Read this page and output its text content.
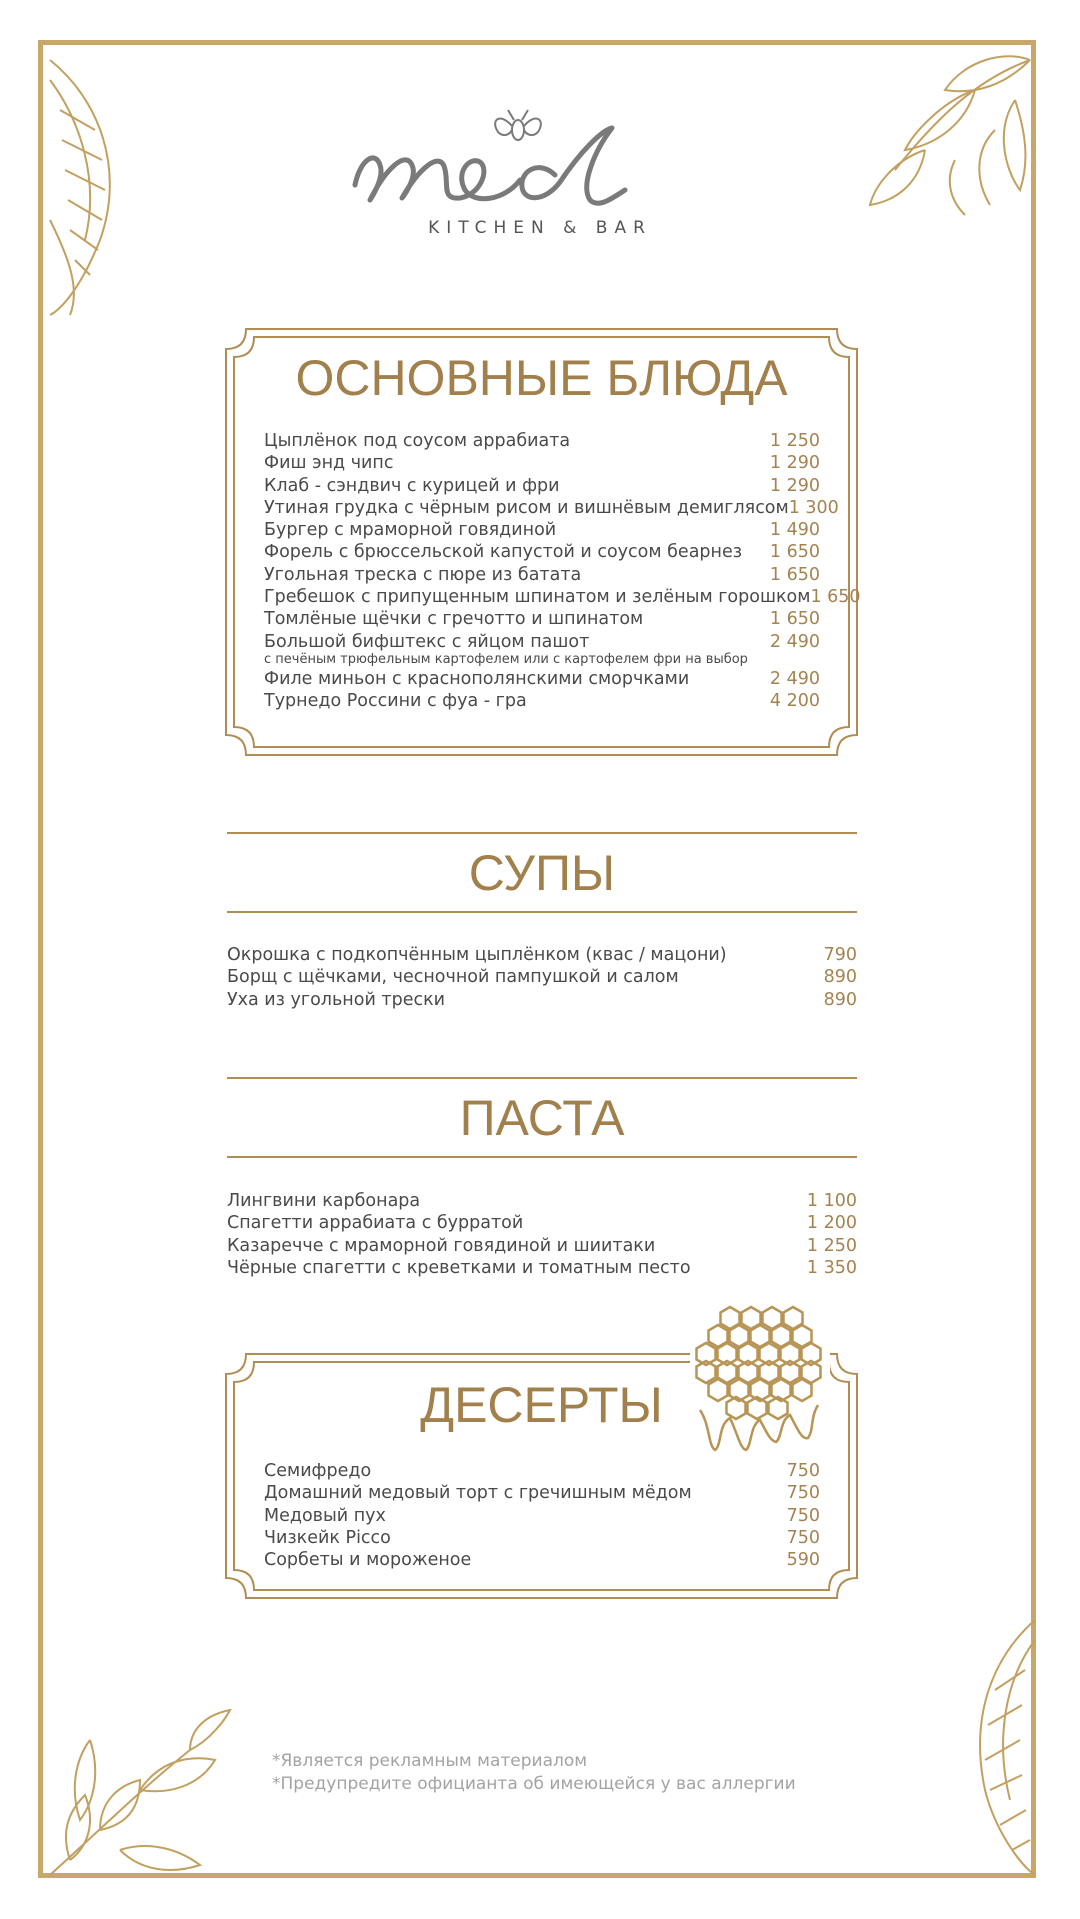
KITCHEN & BAR
ОСНОВНЫЕ БЛЮДА
Цыплёнок под соусом аррабиата	1 250
Фиш энд чипс	1 290
Клаб - сэндвич с курицей и фри	1 290
Утиная грудка с чёрным рисом и вишнёвым демиглясом 1 300
Бургер с мраморной говядиной	1 490
Форель с брюссельской капустой и соусом беарнез 1 650
Угольная треска с пюре из батата	1 650
Гребешок с припущенным шпинатом и зелёным горошком 1 650
Томлёные щёчки с гречотто и шпинатом	1 650
Большой бифштекс с яйцом пашот	2 490
с печёным трюфельным картофелем или с картофелем фри на выбор
Филе миньон с краснополянскими сморчками	2 490
Турнедо Россини с фуа - гра	4 200
СУПЫ
Окрошка с подкопчённым цыплёнком (квас / мацони)	790
Борщ с щёчками, чесночной пампушкой и салом	890
Уха из угольной трески	890
ПАСТА
Лингвини карбонара	1 100
Спагетти аррабиата с бурратой	1 200
Казаречче с мраморной говядиной и шиитаки	1 250
Чёрные спагетти с креветками и томатным песто	1 350
ДЕСЕРТЫ
Семифредо	750
Домашний медовый торт с гречишным мёдом	750
Медовый пух	750
Чизкейк Рicco	750
Сорбеты и мороженое	590
*Является рекламным материалом
*Предупредите официанта об имеющейся у вас аллергии
